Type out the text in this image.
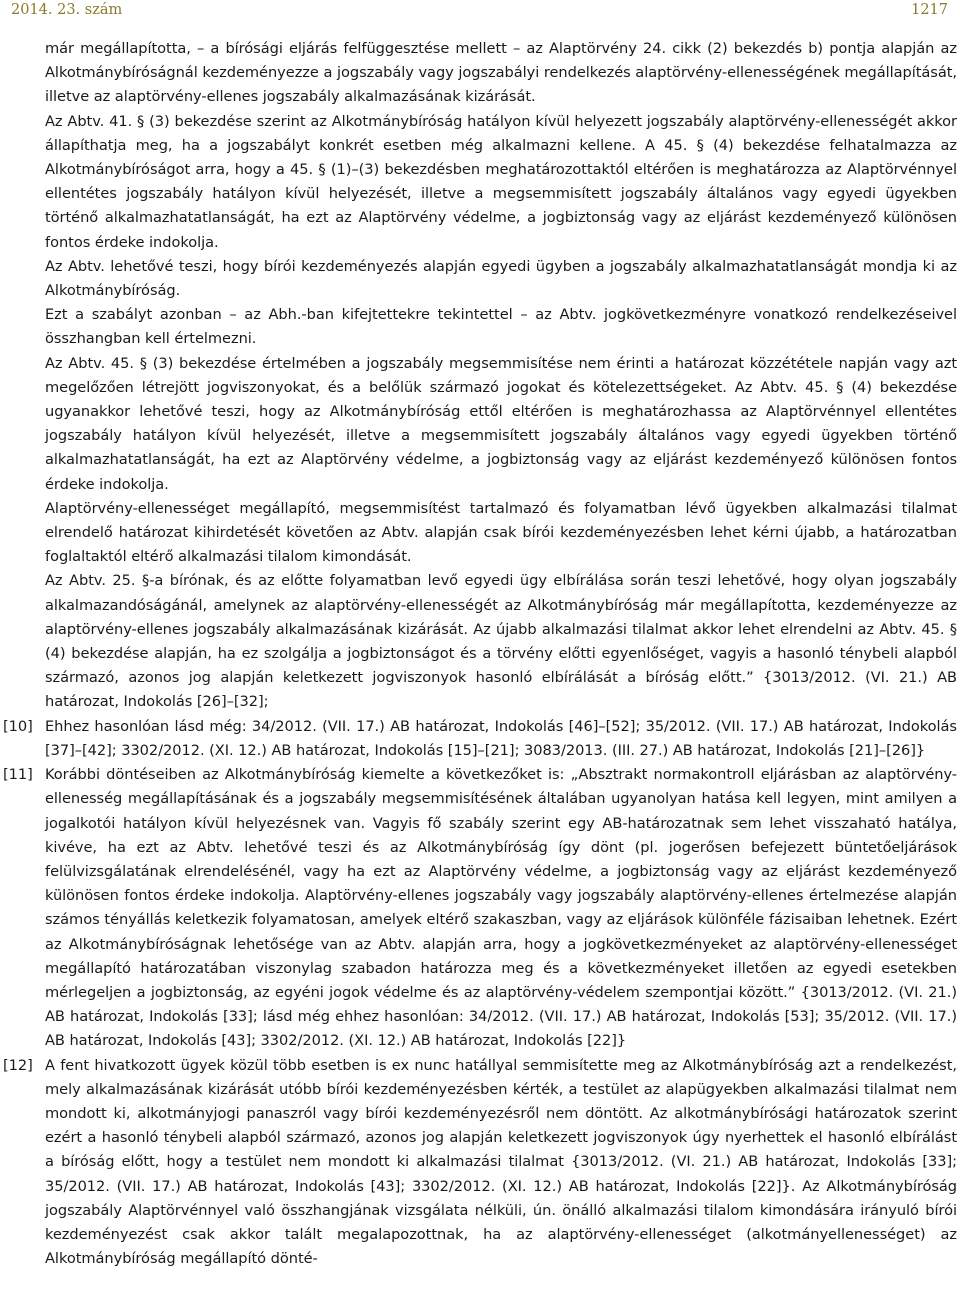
2014. 23. szám	1217

már megállapította, – a bírósági eljárás felfüggesztése mellett – az Alaptörvény 24. cikk (2) bekezdés b) pontja alapján az Alkotmánybíróságnál kezdeményezze a jogszabály vagy jogszabályi rendelkezés alaptörvény-ellenességének megállapítását, illetve az alaptörvény-ellenes jogszabály alkalmazásának kizárását.

Az Abtv. 41. § (3) bekezdése szerint az Alkotmánybíróság hatályon kívül helyezett jogszabály alaptörvény-ellenességét akkor állapíthatja meg, ha a jogszabályt konkrét esetben még alkalmazni kellene. A 45. § (4) bekezdése felhatalmazza az Alkotmánybíróságot arra, hogy a 45. § (1)–(3) bekezdésben meghatározottaktól eltérően is meghatározza az Alaptörvénnyel ellentétes jogszabály hatályon kívül helyezését, illetve a megsemmisített jogszabály általános vagy egyedi ügyekben történő alkalmazhatatlanságát, ha ezt az Alaptörvény védelme, a jogbiztonság vagy az eljárást kezdeményező különösen fontos érdeke indokolja.

Az Abtv. lehetővé teszi, hogy bírói kezdeményezés alapján egyedi ügyben a jogszabály alkalmazhatatlanságát mondja ki az Alkotmánybíróság.

Ezt a szabályt azonban – az Abh.-ban kifejtettekre tekintettel – az Abtv. jogkövetkezményre vonatkozó rendelkezéseivel összhangban kell értelmezni.

Az Abtv. 45. § (3) bekezdése értelmében a jogszabály megsemmisítése nem érinti a határozat közzététele napján vagy azt megelőzően létrejött jogviszonyokat, és a belőlük származó jogokat és kötelezettségeket. Az Abtv. 45. § (4) bekezdése ugyanakkor lehetővé teszi, hogy az Alkotmánybíróság ettől eltérően is meghatározhassa az Alaptörvénnyel ellentétes jogszabály hatályon kívül helyezését, illetve a megsemmisített jogszabály általános vagy egyedi ügyekben történő alkalmazhatatlanságát, ha ezt az Alaptörvény védelme, a jogbiztonság vagy az eljárást kezdeményező különösen fontos érdeke indokolja.

Alaptörvény-ellenességet megállapító, megsemmisítést tartalmazó és folyamatban lévő ügyekben alkalmazási tilalmat elrendelő határozat kihirdetését követően az Abtv. alapján csak bírói kezdeményezésben lehet kérni újabb, a határozatban foglaltaktól eltérő alkalmazási tilalom kimondását.

Az Abtv. 25. §-a bírónak, és az előtte folyamatban levő egyedi ügy elbírálása során teszi lehetővé, hogy olyan jogszabály alkalmazandóságánál, amelynek az alaptörvény-ellenességét az Alkotmánybíróság már megállapította, kezdeményezze az alaptörvény-ellenes jogszabály alkalmazásának kizárását. Az újabb alkalmazási tilalmat akkor lehet elrendelni az Abtv. 45. § (4) bekezdése alapján, ha ez szolgálja a jogbiztonságot és a törvény előtti egyenlőséget, vagyis a hasonló ténybeli alapból származó, azonos jog alapján keletkezett jogviszonyok hasonló elbírálását a bíróság előtt.” {3013/2012. (VI. 21.) AB határozat, Indokolás [26]–[32];

[10] Ehhez hasonlóan lásd még: 34/2012. (VII. 17.) AB határozat, Indokolás [46]–[52]; 35/2012. (VII. 17.) AB határozat, Indokolás [37]–[42]; 3302/2012. (XI. 12.) AB határozat, Indokolás [15]–[21]; 3083/2013. (III. 27.) AB határozat, Indokolás [21]–[26]}

[11] Korábbi döntéseiben az Alkotmánybíróság kiemelte a következőket is: „Absztrakt normakontroll eljárásban az alaptörvény-ellenesség megállapításának és a jogszabály megsemmisítésének általában ugyanolyan hatása kell legyen, mint amilyen a jogalkotói hatályon kívül helyezésnek van. Vagyis fő szabály szerint egy AB-határozatnak sem lehet visszaható hatálya, kivéve, ha ezt az Abtv. lehetővé teszi és az Alkotmánybíróság így dönt (pl. jogerősen befejezett büntetőeljárások felülvizsgálatának elrendelésénél, vagy ha ezt az Alaptörvény védelme, a jogbiztonság vagy az eljárást kezdeményező különösen fontos érdeke indokolja. Alaptörvény-ellenes jogszabály vagy jogszabály alaptörvény-ellenes értelmezése alapján számos tényállás keletkezik folyamatosan, amelyek eltérő szakaszban, vagy az eljárások különféle fázisaiban lehetnek. Ezért az Alkotmánybíróságnak lehetősége van az Abtv. alapján arra, hogy a jogkövetkezményeket az alaptörvény-ellenességet megállapító határozatában viszonylag szabadon határozza meg és a következményeket illetően az egyedi esetekben mérlegeljen a jogbiztonság, az egyéni jogok védelme és az alaptörvény-védelem szempontjai között.” {3013/2012. (VI. 21.) AB határozat, Indokolás [33]; lásd még ehhez hasonlóan: 34/2012. (VII. 17.) AB határozat, Indokolás [53]; 35/2012. (VII. 17.) AB határozat, Indokolás [43]; 3302/2012. (XI. 12.) AB határozat, Indokolás [22]}

[12] A fent hivatkozott ügyek közül több esetben is ex nunc hatállyal semmisítette meg az Alkotmánybíróság azt a rendelkezést, mely alkalmazásának kizárását utóbb bírói kezdeményezésben kérték, a testület az alapügyekben alkalmazási tilalmat nem mondott ki, alkotmányjogi panaszról vagy bírói kezdeményezésről nem döntött. Az alkotmánybírósági határozatok szerint ezért a hasonló ténybeli alapból származó, azonos jog alapján keletkezett jogviszonyok úgy nyerhettek el hasonló elbírálást a bíróság előtt, hogy a testület nem mondott ki alkalmazási tilalmat {3013/2012. (VI. 21.) AB határozat, Indokolás [33]; 35/2012. (VII. 17.) AB határozat, Indokolás [43]; 3302/2012. (XI. 12.) AB határozat, Indokolás [22]}. Az Alkotmánybíróság jogszabály Alaptörvénnyel való összhangjának vizsgálata nélküli, ún. önálló alkalmazási tilalom kimondására irányuló bírói kezdeményezést csak akkor talált megalapozottnak, ha az alaptörvény-ellenességet (alkotmányellenességet) az Alkotmánybíróság megállapító dönté-
